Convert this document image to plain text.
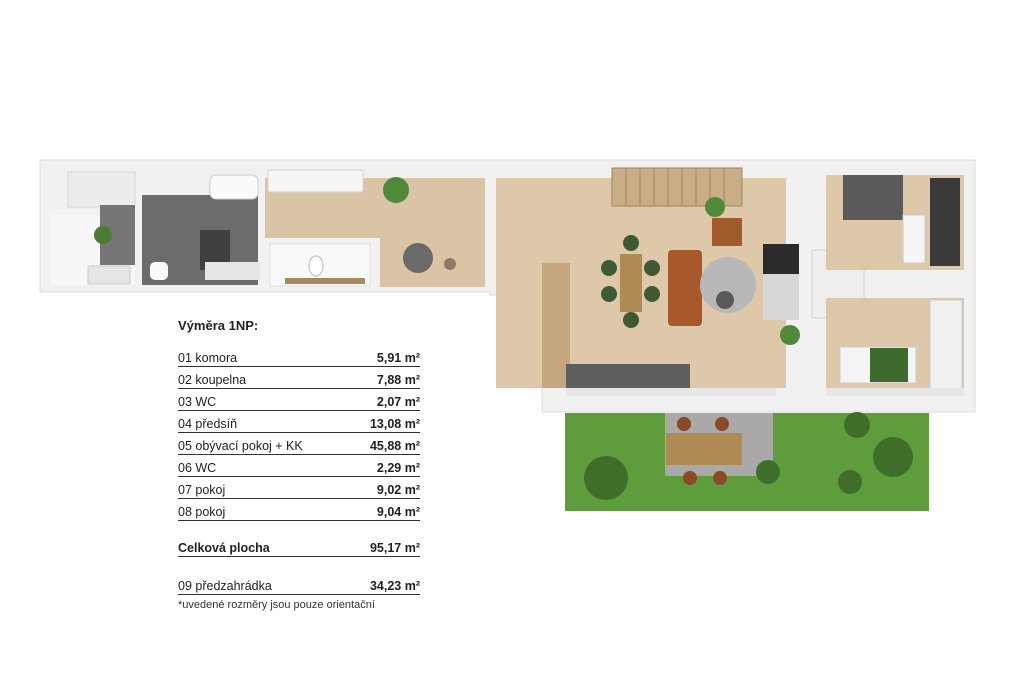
Výměra 1NP:
01 komora	5,91 m²
02 koupelna	7,88 m²
03 WC	2,07 m²
04 předsíň	13,08 m²
05 obývací pokoj + KK	45,88 m²
06 WC	2,29 m²
07 pokoj	9,02 m²
08 pokoj	9,04 m²
Celková plocha	95,17 m²
09 předzahrádka	34,23 m²
*uvedené rozměry jsou pouze orientační
